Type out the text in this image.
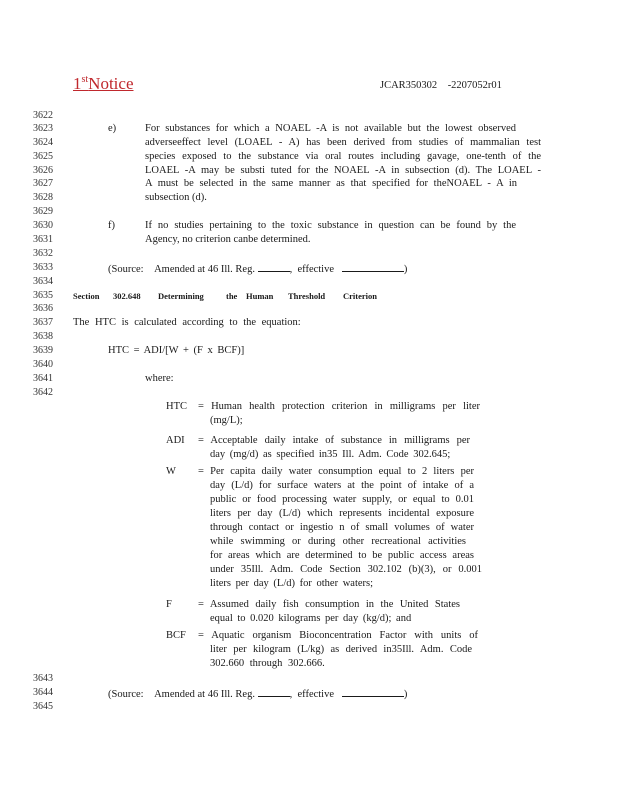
1stNotice	JCAR350302 -2207052r01
3622
3623
3624
3625
3626
3627
3628
3629
3630
3631
3632
3633
3634
3635
3636
3637
3638
3639
3640
3641
3642
3643
3644
3645
e)	For substances for which a NOAEL -A is not available but the lowest observed
adverseeffect level (LOAEL - A) has been derived from studies of mammalian test
species exposed to the substance via oral routes including gavage, one-tenth of the
LOAEL -A may be substi tuted for the NOAEL -A in subsection (d). The LOAEL -
A must be selected in the same manner as that specified for theNOAEL - A in
subsection (d).
f)	If no studies pertaining to the toxic substance in question can be found by the
Agency, no criterion canbe determined.
(Source: Amended at 46 Ill. Reg.	,  effective	)
Section 302.648 Determining	the Human Threshold Criterion
The HTC is calculated according to the equation:
HTC = ADI/[W + (F x BCF)]
where:
HTC = Human health protection criterion in milligrams per liter
(mg/L);
ADI = Acceptable daily intake of substance in milligrams per
day (mg/d) as specified in35 Ill. Adm. Code 302.645;
W = Per capita daily water consumption equal to 2 liters per
day (L/d) for surface waters at the point of intake of a
public or food processing water supply, or equal to 0.01
liters per day (L/d) which represents incidental exposure
through contact or ingestio n of small volumes of water
while swimming or during other recreational activities
for areas which are determined to be public access areas
under 35Ill. Adm. Code Section 302.102 (b)(3), or 0.001
liters per day (L/d) for other waters;
F = Assumed daily fish consumption in the United States
equal to 0.020 kilograms per day (kg/d); and
BCF = Aquatic organism Bioconcentration Factor with units of
liter per kilogram (L/kg) as derived in35Ill. Adm. Code
302.660 through 302.666.
(Source: Amended at 46 Ill. Reg.	,  effective	)
